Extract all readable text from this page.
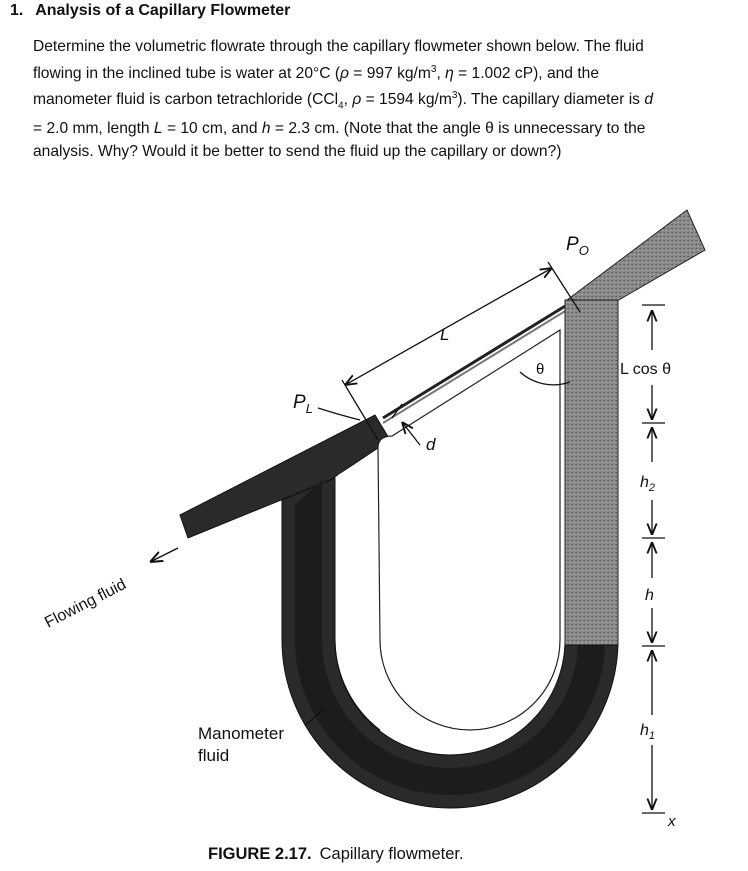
1. Analysis of a Capillary Flowmeter
Determine the volumetric flowrate through the capillary flowmeter shown below. The fluid
flowing in the inclined tube is water at 20°C (ρ = 997 $kg/m^3$, η = 1.002 cP), and the
manometer fluid is carbon tetrachloride (CCl$_4$, ρ = 1594 $kg/m^3$). The capillary diameter is d
= 2.0 mm, length L = 10 cm, and h = 2.3 cm. (Note that the angle θ is unnecessary to the
analysis. Why? Would it be better to send the fluid up the capillary or down?)
$P_O$
$P_L$
L
θ
d
L cos θ
$h_2$
h
$h_1$
x
Flowing fluid
Manometer
fluid
FIGURE 2.17. Capillary flowmeter.
